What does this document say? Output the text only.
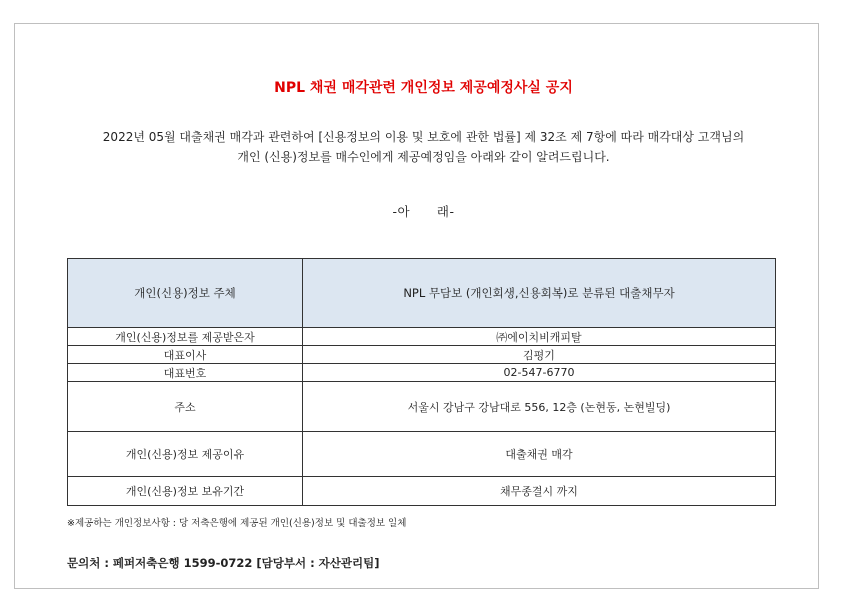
NPL 채권 매각관련 개인정보 제공예정사실 공지
2022년 05월 대출채권 매각과 관련하여 [신용정보의 이용 및 보호에 관한 법률] 제 32조 제 7항에 따라 매각대상 고객님의
개인 (신용)정보를 매수인에게 제공예정임을 아래와 같이 알려드립니다.
-아      래-
개인(신용)정보 주체	NPL 무담보 (개인회생,신용회복)로 분류된 대출채무자
개인(신용)정보를 제공받은자	㈜에이치비캐피탈
대표이사	김평기
대표번호	02-547-6770
주소	서울시 강남구 강남대로 556, 12층 (논현동, 논현빌딩)
개인(신용)정보 제공이유	대출채권 매각
개인(신용)정보 보유기간	채무종결시 까지
※제공하는 개인정보사항 : 당 저축은행에 제공된 개인(신용)정보 및 대출정보 일체
문의처 : 페퍼저축은행 1599-0722 [담당부서 : 자산관리팀]
